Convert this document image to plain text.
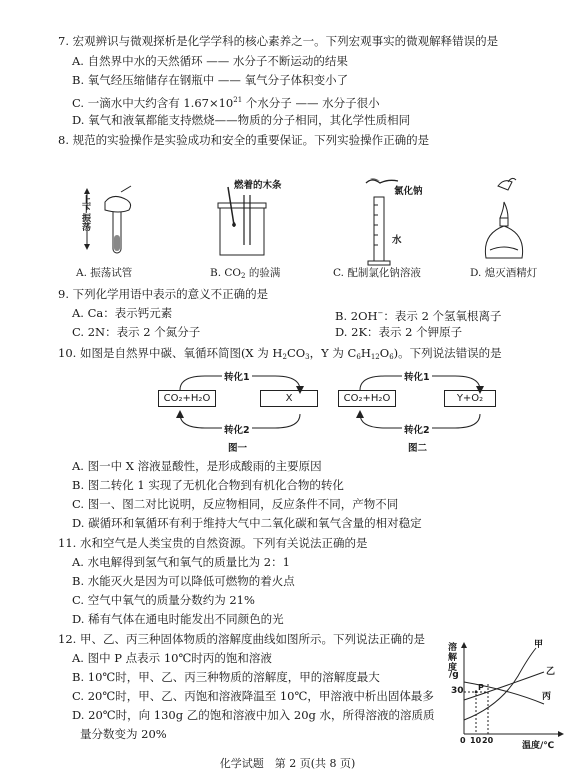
7. 宏观辨识与微观探析是化学学科的核心素养之一。下列宏观事实的微观解释错误的是
A. 自然界中水的天然循环 —— 水分子不断运动的结果
B. 氧气经压缩储存在钢瓶中 —— 氧气分子体积变小了
C. 一滴水中大约含有 $1.67\times 10^{21}$ 个水分子 —— 水分子很小
D. 氧气和液氧都能支持燃烧——物质的分子相同，其化学性质相同
8. 规范的实验操作是实验成功和安全的重要保证。下列实验操作正确的是
上下振荡
燃着的木条
氯化钠
水
A. 振荡试管	B. $CO_2$ 的验满	C. 配制氯化钠溶液	D. 熄灭酒精灯
9. 下列化学用语中表示的意义不正确的是
A. Ca：表示钙元素	B. 2OH−：表示 2 个氢氧根离子
C. 2N：表示 2 个氮分子	D. 2K：表示 2 个钾原子
10. 如图是自然界中碳、氧循环简图(X 为 $H_2CO_3$，Y 为 $C_6H_{12}O_6$)。下列说法错误的是
CO₂+H₂O	X
转化1
转化2
图一
CO₂+H₂O	Y+O₂
转化1
转化2
图二
A. 图一中 X 溶液显酸性，是形成酸雨的主要原因
B. 图二转化 1 实现了无机化合物到有机化合物的转化
C. 图一、图二对比说明，反应物相同，反应条件不同，产物不同
D. 碳循环和氧循环有利于维持大气中二氧化碳和氧气含量的相对稳定
11. 水和空气是人类宝贵的自然资源。下列有关说法正确的是
A. 水电解得到氢气和氧气的质量比为 2：1
B. 水能灭火是因为可以降低可燃物的着火点
C. 空气中氧气的质量分数约为 21%
D. 稀有气体在通电时能发出不同颜色的光
12. 甲、乙、丙三种固体物质的溶解度曲线如图所示。下列说法正确的是
A. 图中 P 点表示 10℃时丙的饱和溶液
B. 10℃时，甲、乙、丙三种物质的溶解度，甲的溶解度最大
C. 20℃时，甲、乙、丙饱和溶液降温至 10℃，甲溶液中析出固体最多
D. 20℃时，向 130g 乙的饱和溶液中加入 20g 水，所得溶液的溶质质
量分数变为 20%
溶
解
度
/g
30 P
甲
乙
丙
0 10 20
温度/℃
化学试题　第 2 页(共 8 页)
